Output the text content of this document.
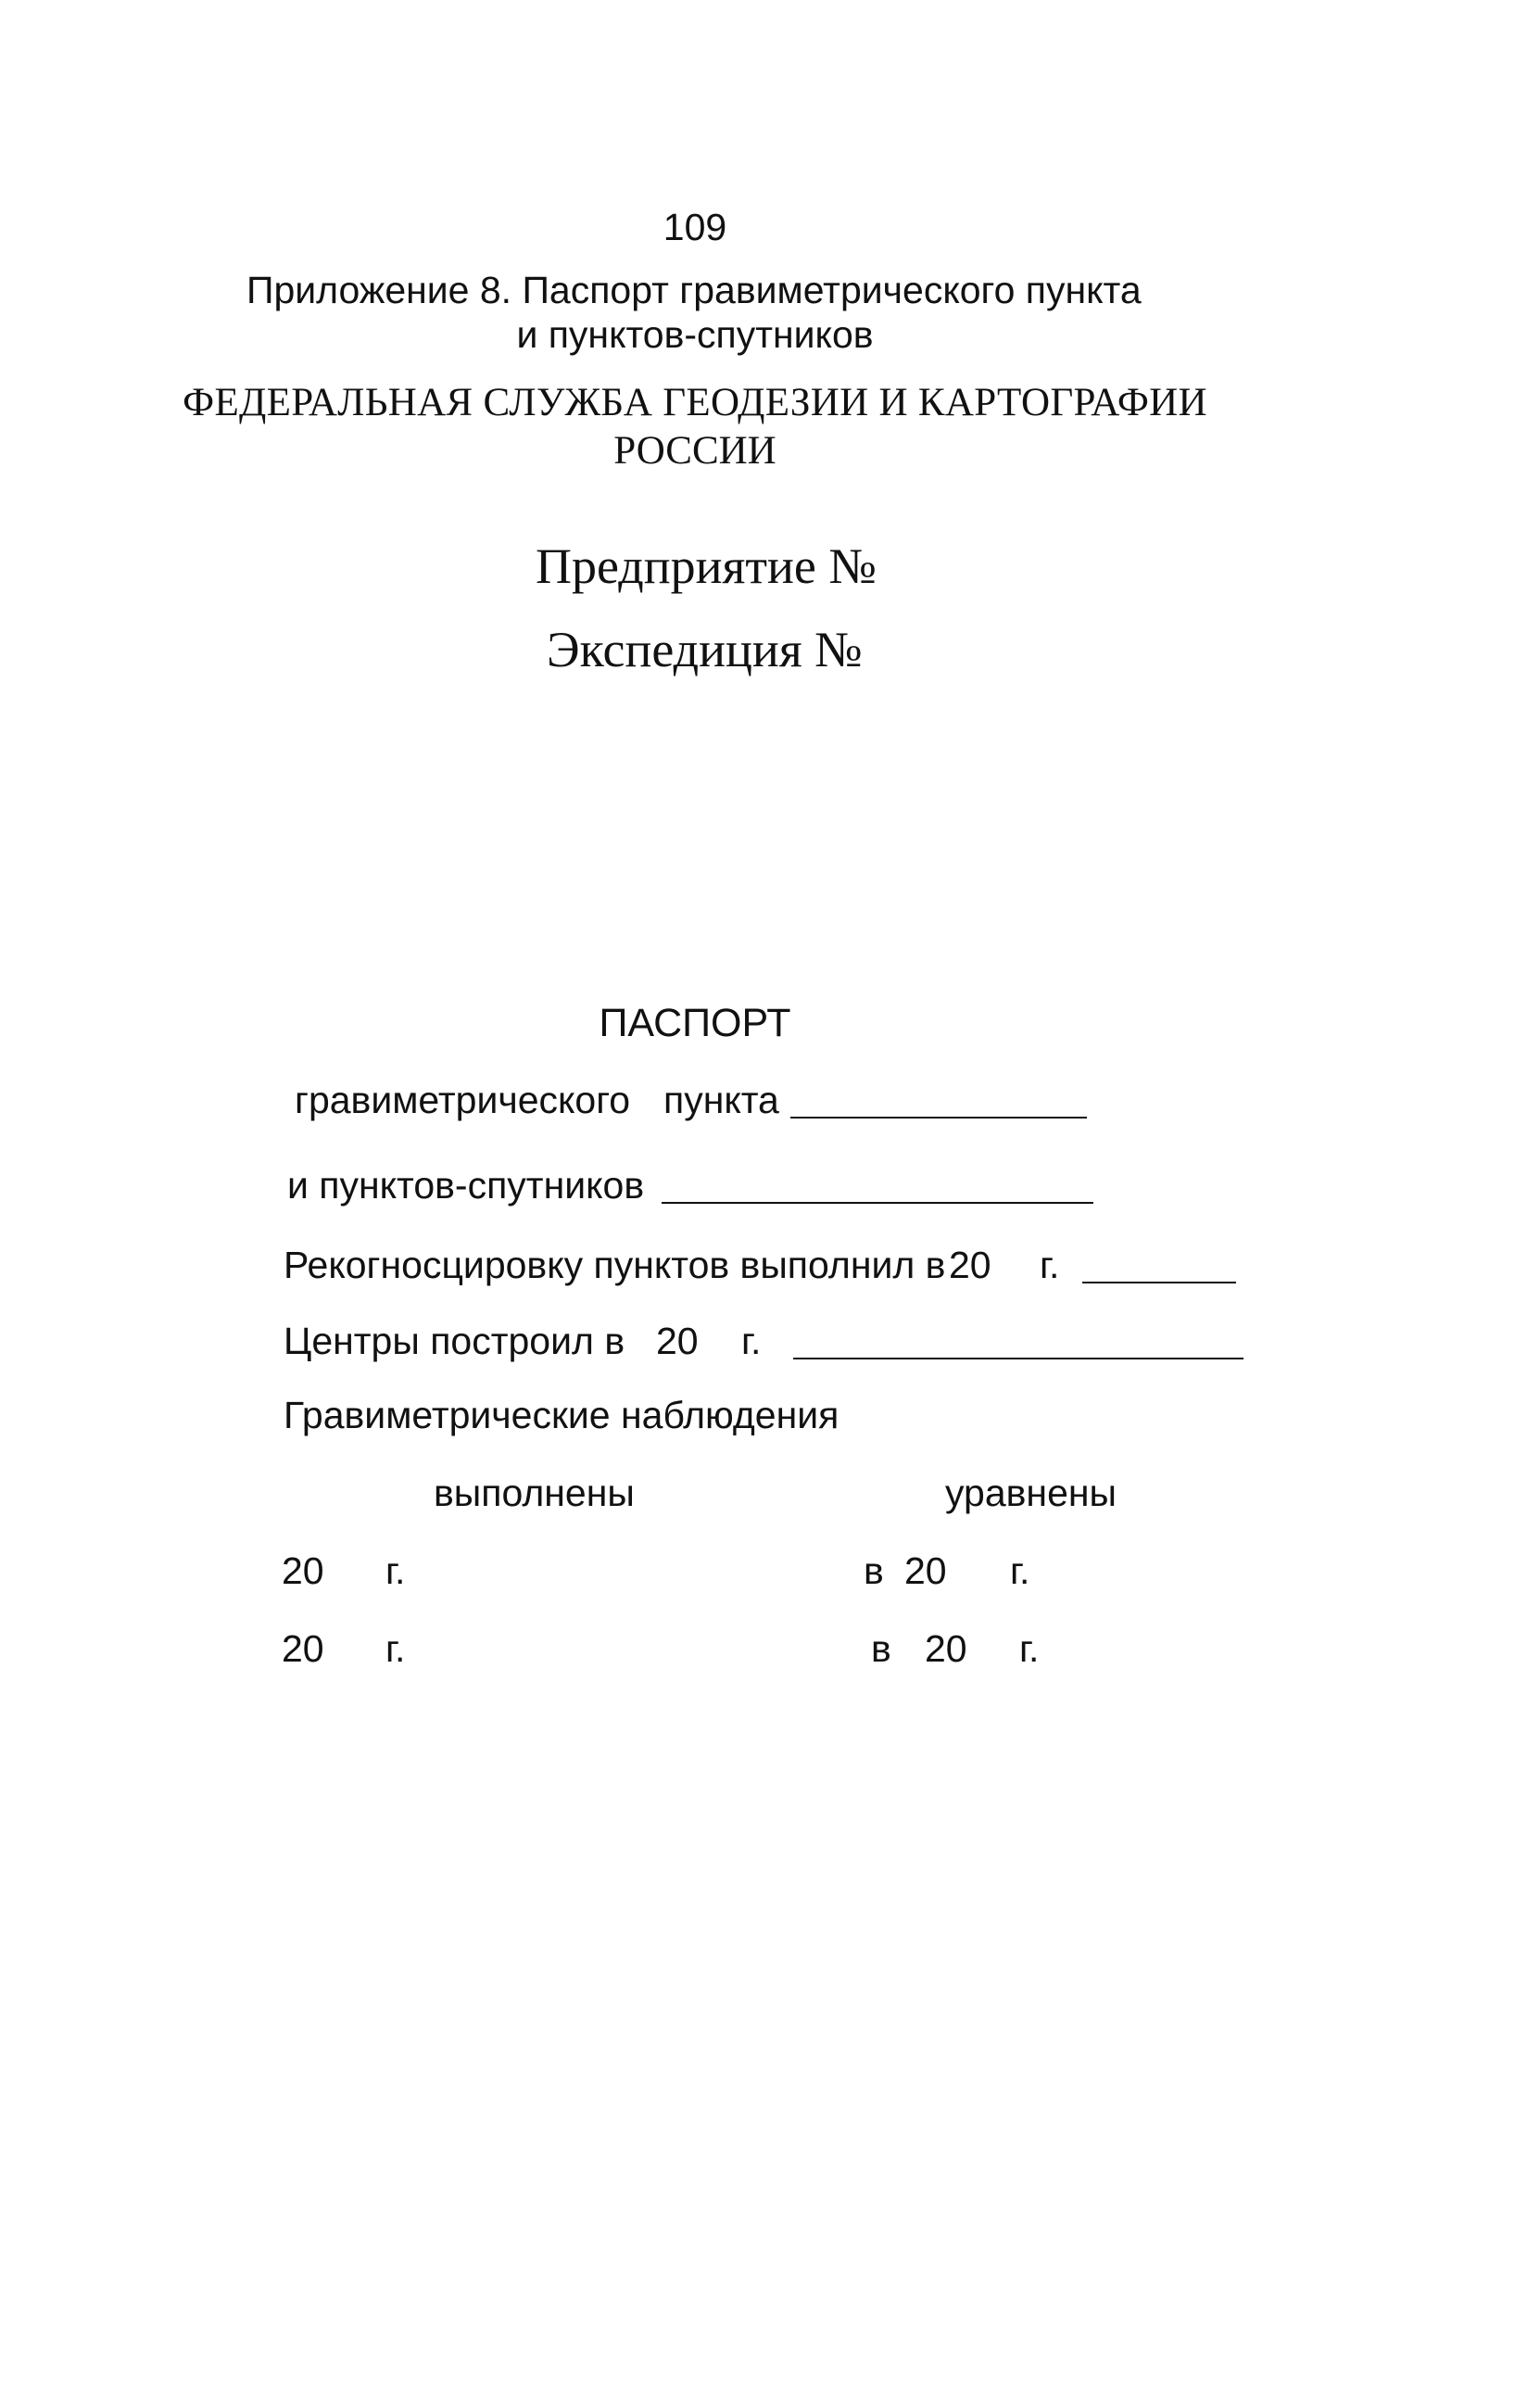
109
Приложение 8. Паспорт гравиметрического пункта
и пунктов-спутников
ФЕДЕРАЛЬНАЯ СЛУЖБА ГЕОДЕЗИИ И КАРТОГРАФИИ
РОССИИ
Предприятие №
Экспедиция №
ПАСПОРТ
гравиметрического пункта
и пунктов-спутников
Рекогносцировку пунктов выполнил в 20 г.
Центры построил в 20 г.
Гравиметрические наблюдения
выполнены	уравнены
20 г.	в 20 г.
20 г.	в 20 г.
